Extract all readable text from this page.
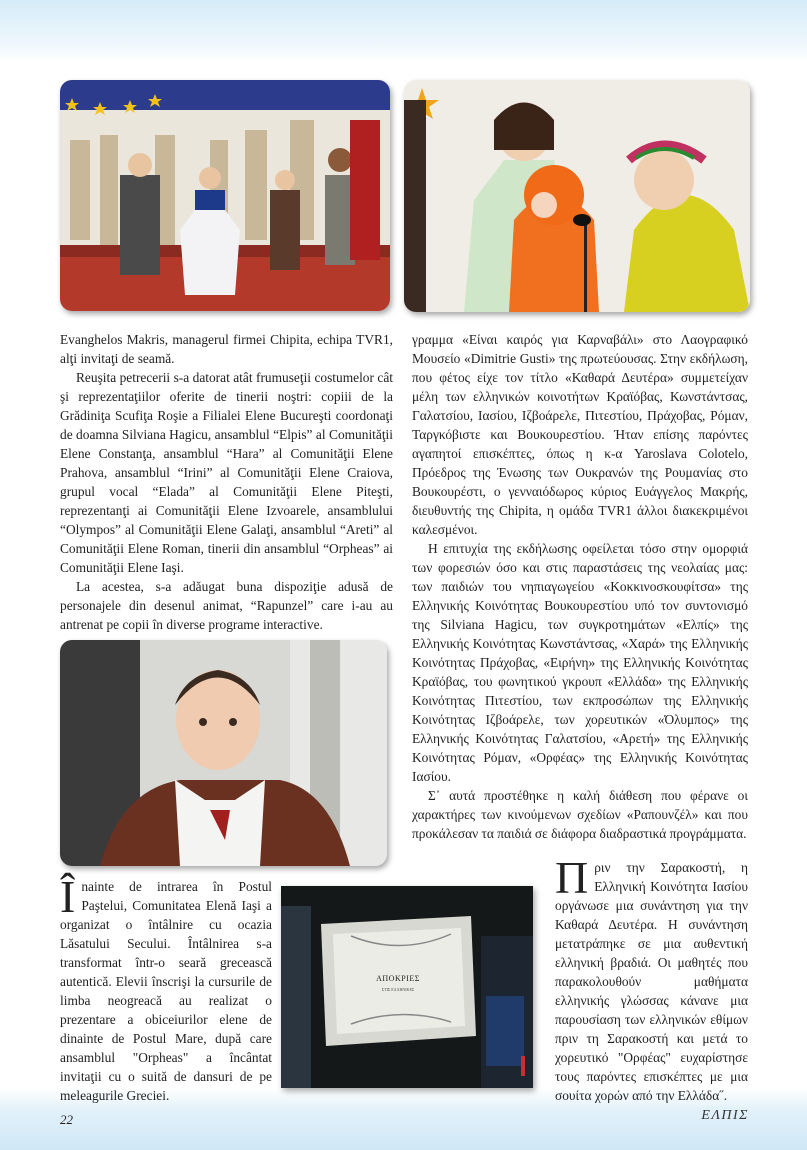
Evanghelos Makris, managerul firmei Chipita, echipa TVR1, alţi invitaţi de seamă.

Reuşita petrecerii s-a datorat atât frumuseţii costumelor cât şi reprezentaţiilor oferite de tinerii noştri: copiii de la Grădiniţa Scufiţa Roşie a Filialei Elene Bucureşti coordonaţi de doamna Silviana Hagicu, ansamblul “Elpis” al Comunităţii Elene Constanţa, ansamblul “Hara” al Comunităţii Elene Prahova, ansamblul “Irini” al Comunităţii Elene Craiova, grupul vocal “Elada” al Comunităţii Elene Piteşti, reprezentanţi ai Comunităţii Elene Izvoarele, ansamblului “Olympos” al Comunităţii Elene Galaţi, ansamblul “Areti” al Comunităţii Elene Roman, tinerii din ansamblul “Orpheas” ai Comunităţii Elene Iaşi.

La acestea, s-a adăugat buna dispoziţie adusă de personajele din desenul animat, “Rapunzel” care i-au au antrenat pe copii în diverse programe interactive.

γραμμα «Είναι καιρός για Καρναβάλι» στο Λαογραφικό Μουσείο «Dimitrie Gusti» της πρωτεύουσας. Στην εκδήλωση, που φέτος είχε τον τίτλο «Καθαρά Δευτέρα» συμμετείχαν μέλη των ελληνικών κοινοτήτων Κραϊόβας, Κωνστάντσας, Γαλατσίου, Ιασίου, Ιζβοάρελε, Πιτεστίου, Πράχοβας, Ρόμαν, Ταργκόβιστε και Βουκουρεστίου. Ήταν επίσης παρόντες αγαπητοί επισκέπτες, όπως η κ-α Yaroslava Colotelo, Πρόεδρος της Ένωσης των Ουκρανών της Ρουμανίας στο Βουκουρέστι, ο γενναιόδωρος κύριος Ευάγγελος Μακρής, διευθυντής της Chipita, η ομάδα TVR1 άλλοι διακεκριμένοι καλεσμένοι.

Η επιτυχία της εκδήλωσης οφείλεται τόσο στην ομορφιά των φορεσιών όσο και στις παραστάσεις της νεολαίας μας: των παιδιών του νηπιαγωγείου «Κοκκινοσκουφίτσα» της Ελληνικής Κοινότητας Βουκουρεστίου υπό τον συντονισμό της Silviana Hagicu, των συγκροτημάτων «Ελπίς» της Ελληνικής Κοινότητας Κωνστάντσας, «Χαρά» της Ελληνικής Κοινότητας Πράχοβας, «Ειρήνη» της Ελληνικής Κοινότητας Κραϊόβας, του φωνητικού γκρουπ «Ελλάδα» της Ελληνικής Κοινότητας Πιτεστίου, των εκπροσώπων της Ελληνικής Κοινότητας Ιζβοάρελε, των χορευτικών «Όλυμπος» της Ελληνικής Κοινότητας Γαλατσίου, «Αρετή» της Ελληνικής Κοινότητας Ρόμαν, «Ορφέας» της Ελληνικής Κοινότητας Ιασίου.

Σ᾽ αυτά προστέθηκε η καλή διάθεση που φέρανε οι χαρακτήρες των κινούμενων σχεδίων «Ραπουνζέλ» και που προκάλεσαν τα παιδιά σε διάφορα διαδραστικά προγράμματα.

Înainte de intrarea în Postul Paştelui, Comunitatea Elenă Iaşi a organizat o întâlnire cu ocazia Lăsatului Secului. Întâlnirea s-a transformat într-o seară grecească autentică. Elevii înscrişi la cursurile de limba neogreacă au realizat o prezentare a obiceiurilor elene de dinainte de Postul Mare, după care ansamblul "Orpheas" a încântat invitaţii cu o suită de dansuri de pe meleagurile Greciei.

ΑΠΟΚΡΙΕΣ
ΣΤΙΣ ΕΛΛΗΝΙΚΕΣ

Πριν την Σαρακοστή, η Ελληνική Κοινότητα Ιασίου οργάνωσε μια συνάντηση για την Καθαρά Δευτέρα. Η συνάντηση μετατράπηκε σε μια αυθεντική ελληνική βραδιά. Οι μαθητές που παρακολουθούν μαθήματα ελληνικής γλώσσας κάνανε μια παρουσίαση των ελληνικών εθίμων πριν τη Σαρακοστή και μετά το χορευτικό "Ορφέας" ευχαρίστησε τους παρόντες επισκέπτες με μια σουίτα χορών από την Ελλάδα˝.

22	ΕΛΠΙΣ
